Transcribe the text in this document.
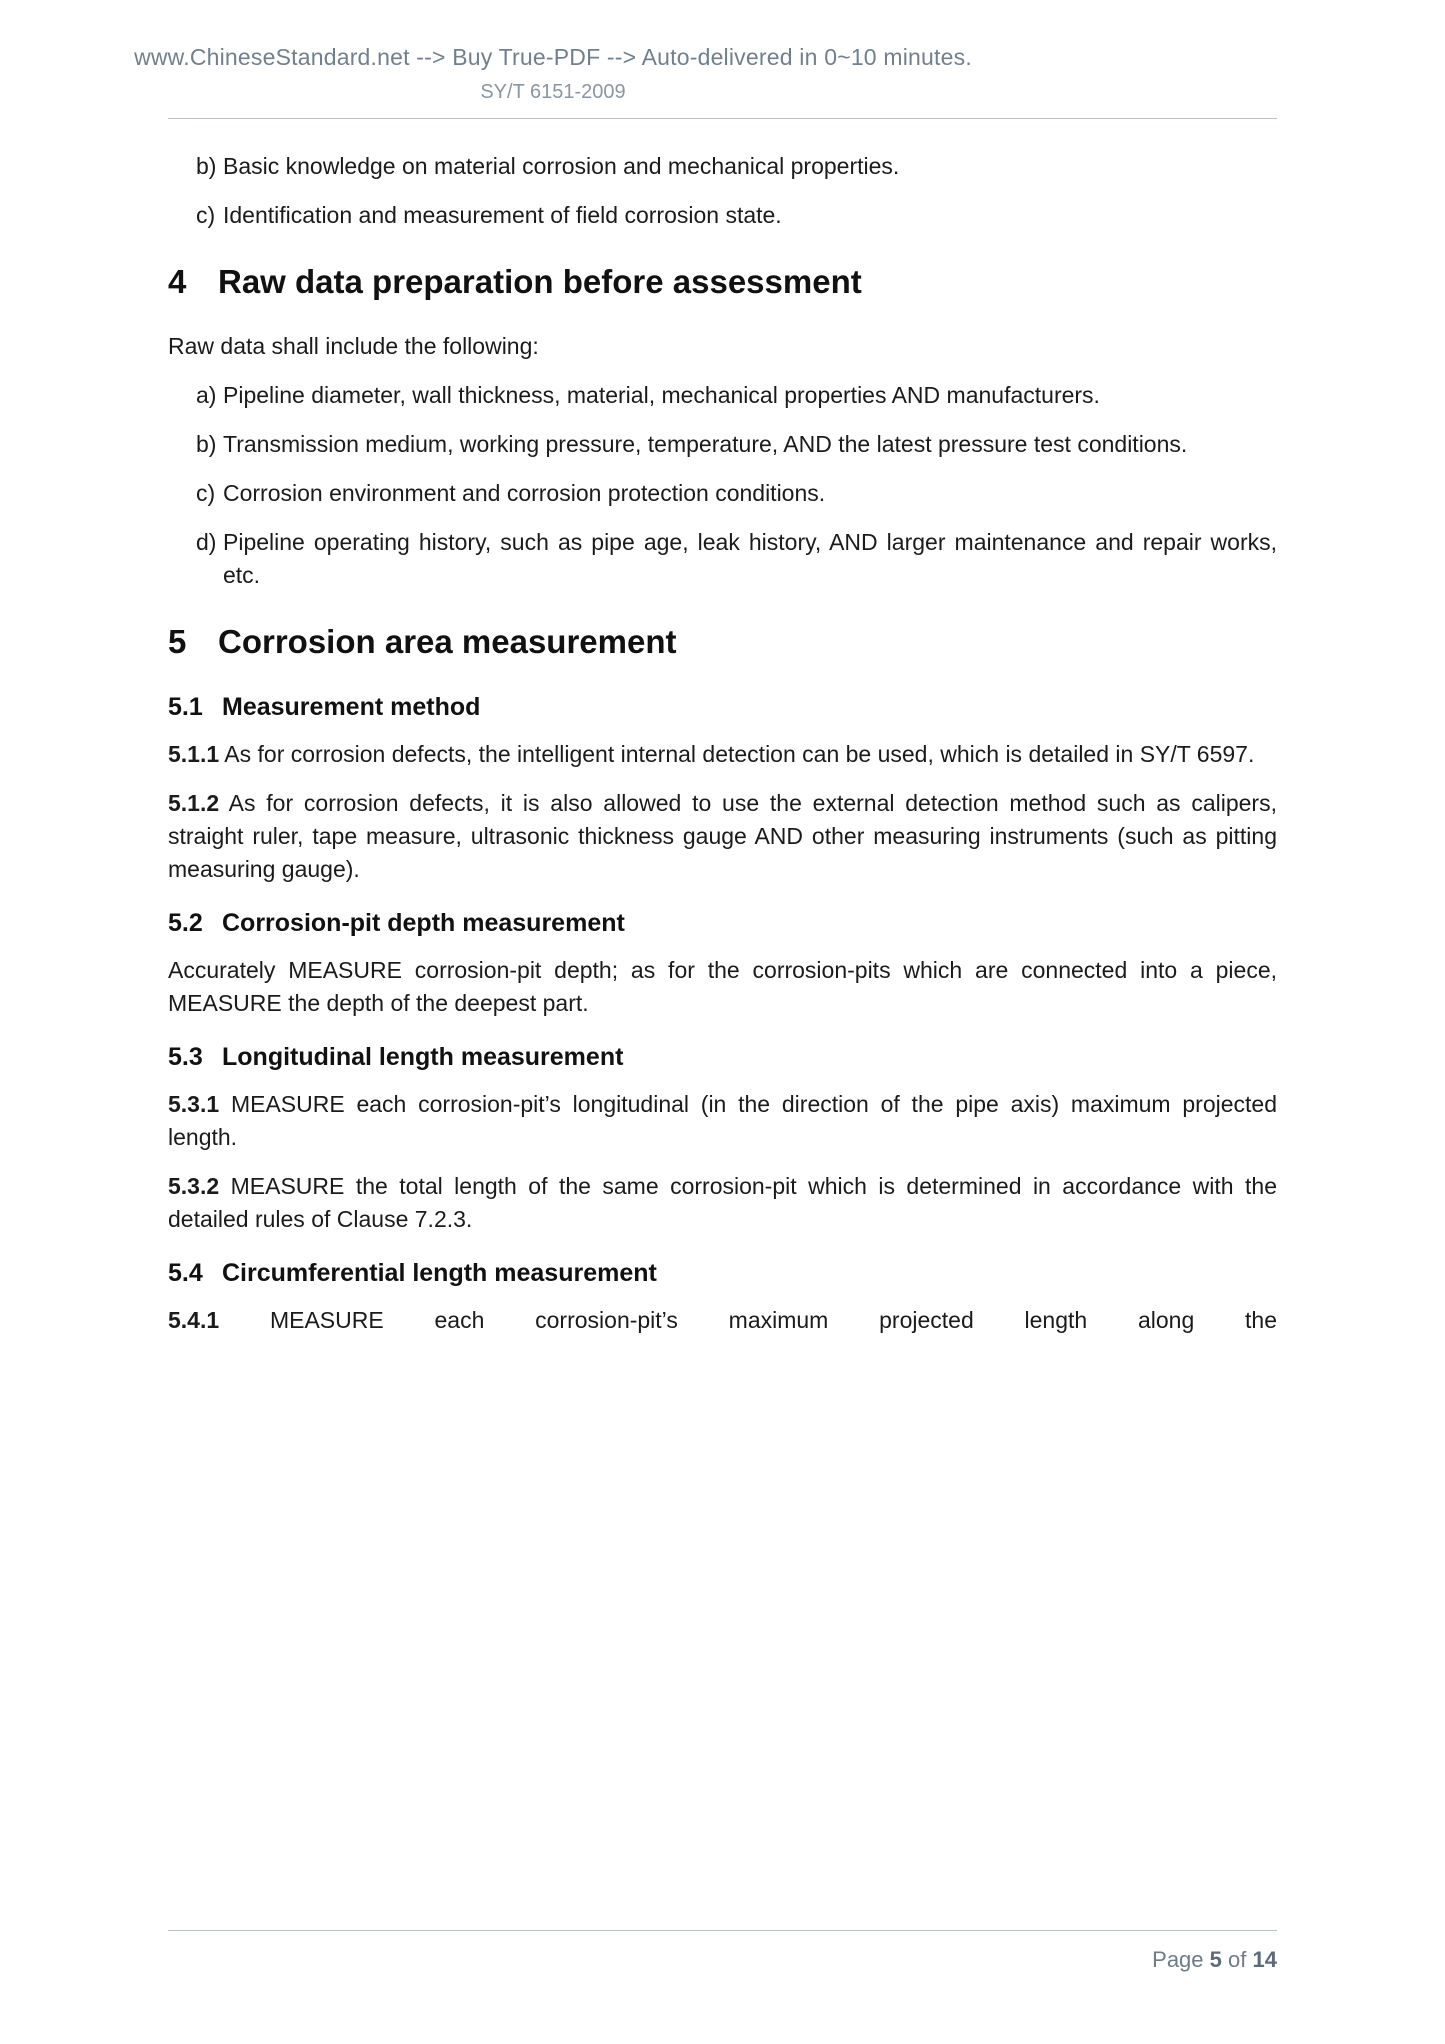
www.ChineseStandard.net --> Buy True-PDF --> Auto-delivered in 0~10 minutes.
SY/T 6151-2009
b) Basic knowledge on material corrosion and mechanical properties.
c) Identification and measurement of field corrosion state.
4 Raw data preparation before assessment

Raw data shall include the following:

a) Pipeline diameter, wall thickness, material, mechanical properties AND manufacturers.
b) Transmission medium, working pressure, temperature, AND the latest pressure test conditions.
c) Corrosion environment and corrosion protection conditions.
d) Pipeline operating history, such as pipe age, leak history, AND larger maintenance and repair works, etc.
5 Corrosion area measurement
5.1 Measurement method

5.1.1 As for corrosion defects, the intelligent internal detection can be used, which is detailed in SY/T 6597.

5.1.2 As for corrosion defects, it is also allowed to use the external detection method such as calipers, straight ruler, tape measure, ultrasonic thickness gauge AND other measuring instruments (such as pitting measuring gauge).

5.2 Corrosion-pit depth measurement

Accurately MEASURE corrosion-pit depth; as for the corrosion-pits which are connected into a piece, MEASURE the depth of the deepest part.

5.3 Longitudinal length measurement

5.3.1 MEASURE each corrosion-pit’s longitudinal (in the direction of the pipe axis) maximum projected length.

5.3.2 MEASURE the total length of the same corrosion-pit which is determined in accordance with the detailed rules of Clause 7.2.3.

5.4 Circumferential length measurement

5.4.1 MEASURE each corrosion-pit’s maximum projected length along the

Page 5 of 14
